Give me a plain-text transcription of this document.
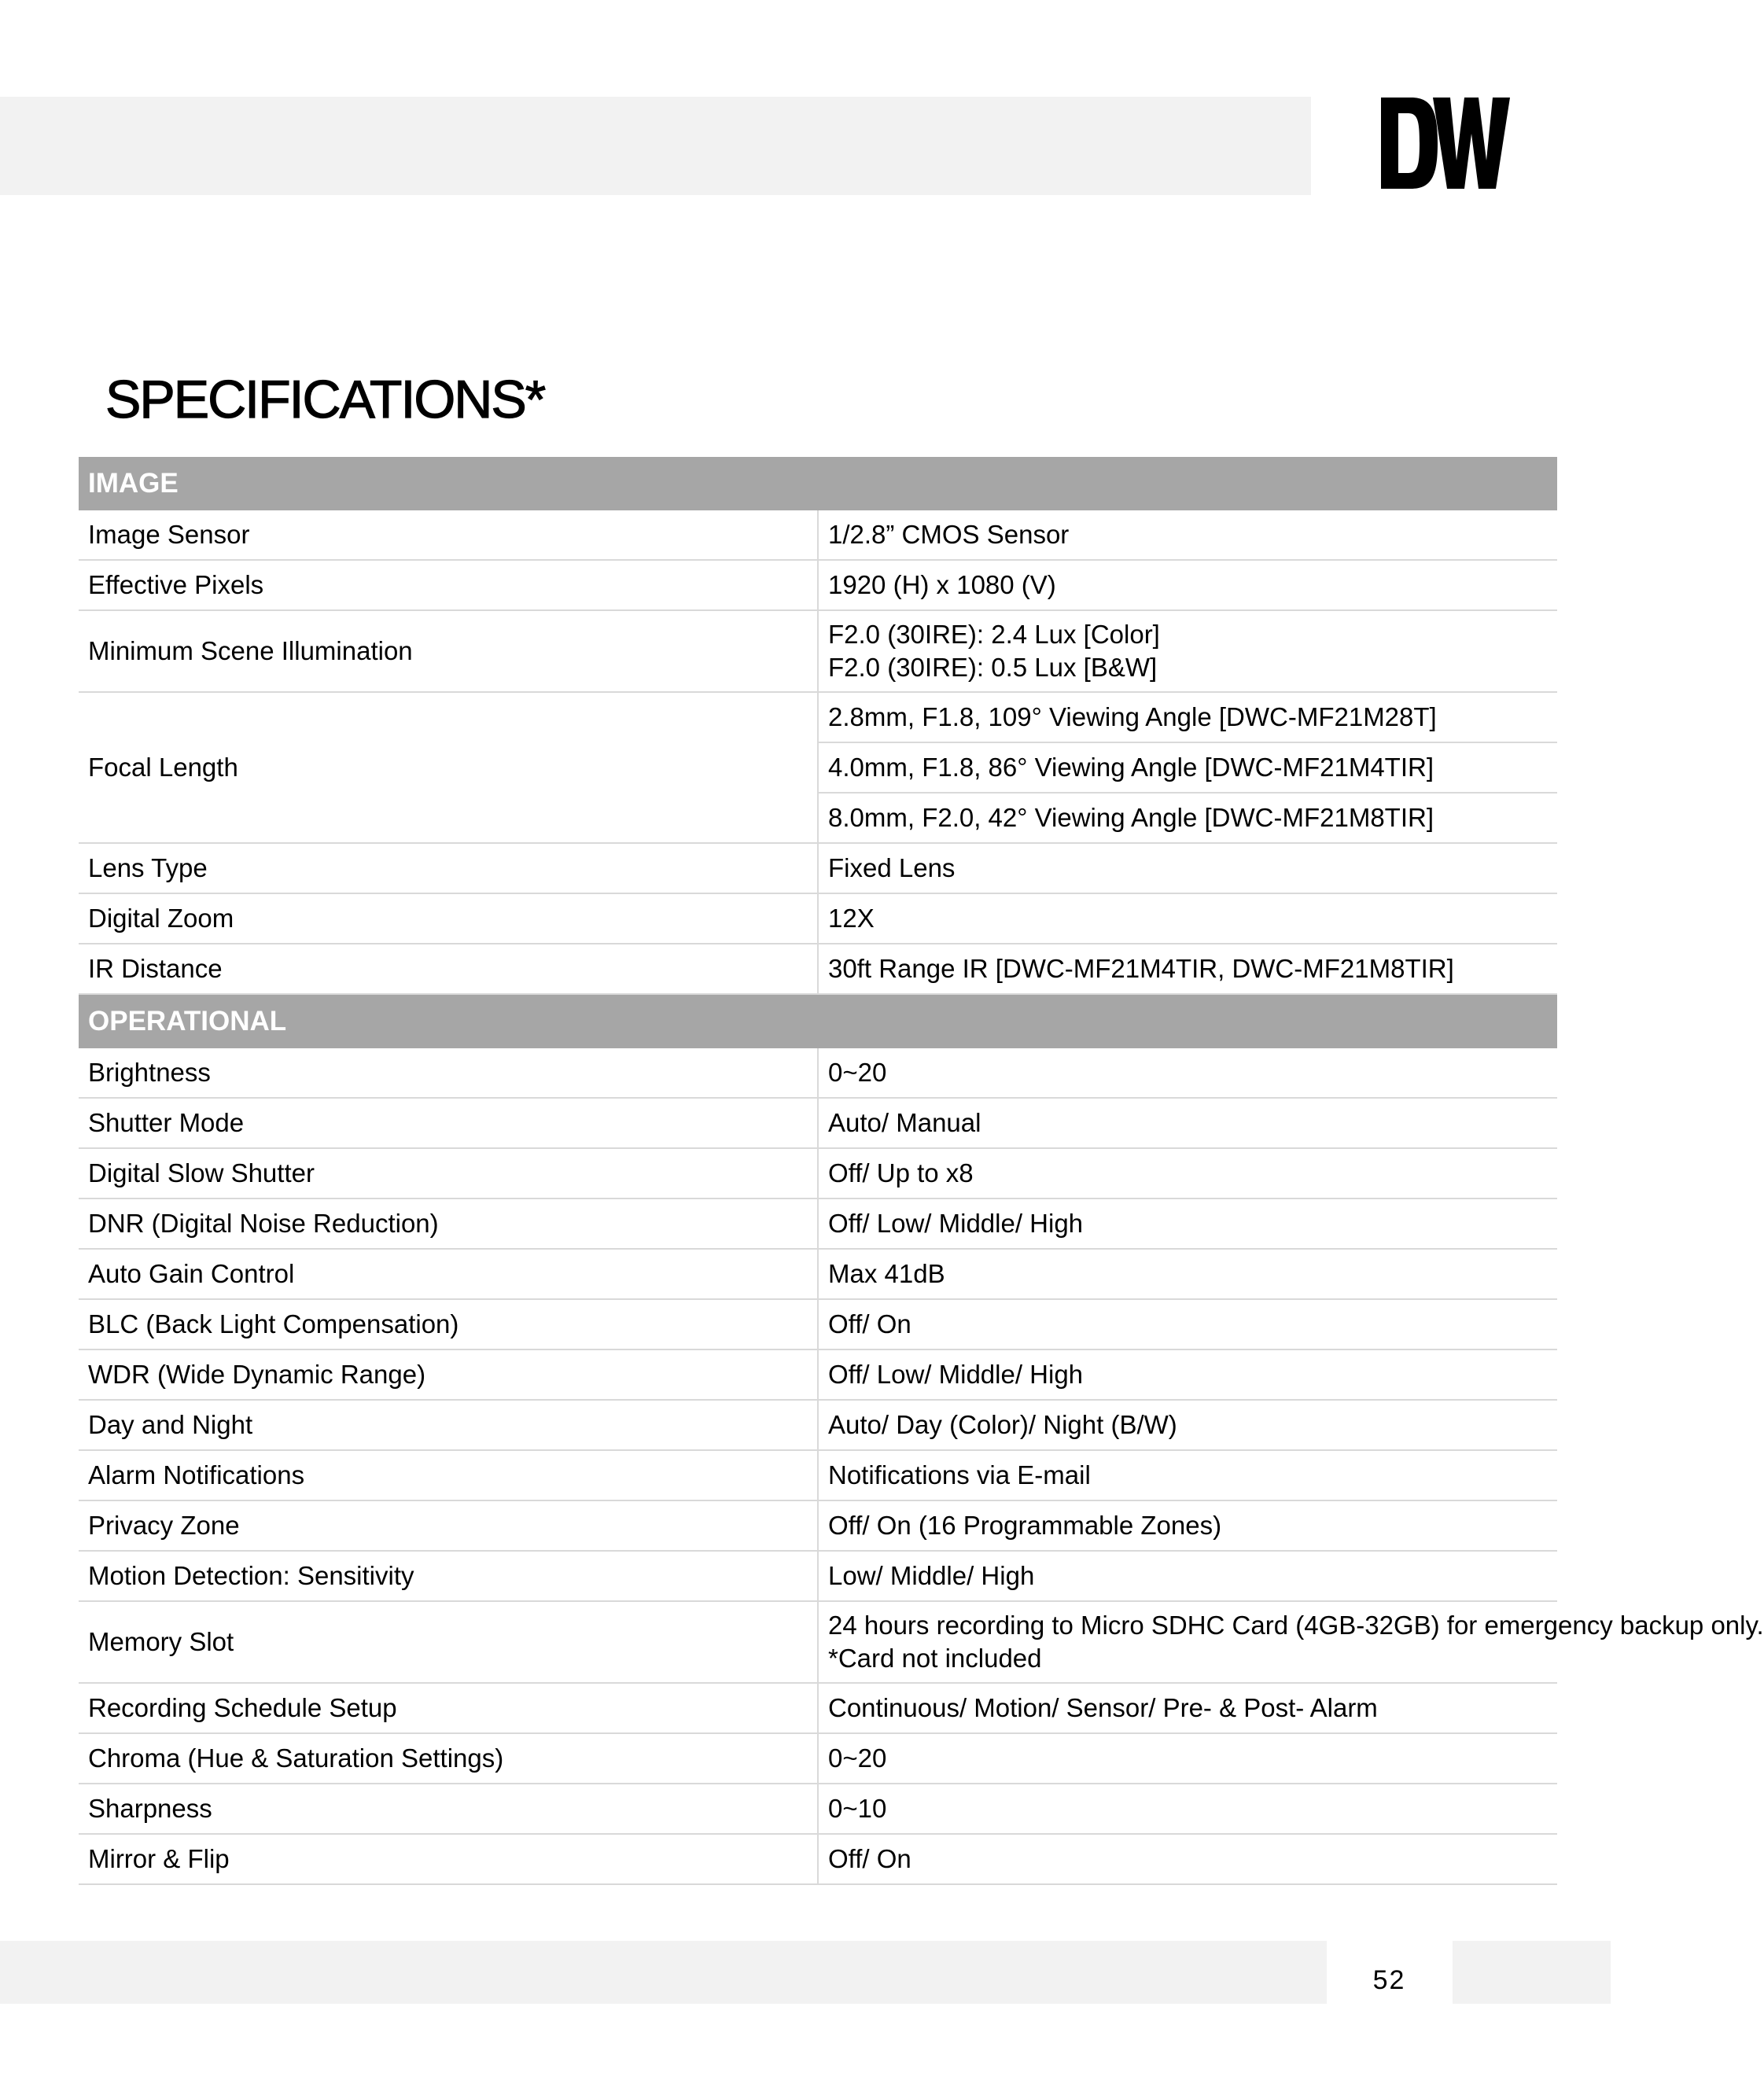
SPECIFICATIONS*
IMAGE	
Image Sensor	1/2.8” CMOS Sensor
Effective Pixels	1920 (H) x 1080 (V)
Minimum Scene Illumination	F2.0 (30IRE): 2.4 Lux [Color]
F2.0 (30IRE): 0.5 Lux [B&W]

Focal Length	2.8mm, F1.8, 109° Viewing Angle [DWC-MF21M28T]
	4.0mm, F1.8, 86° Viewing Angle [DWC-MF21M4TIR]
	8.0mm, F2.0, 42° Viewing Angle [DWC-MF21M8TIR]
Lens Type	Fixed Lens
Digital Zoom	12X
IR Distance	30ft Range IR [DWC-MF21M4TIR, DWC-MF21M8TIR]
OPERATIONAL	
Brightness	0~20
Shutter Mode	Auto/ Manual
Digital Slow Shutter	Off/ Up to x8
DNR (Digital Noise Reduction)	Off/ Low/ Middle/ High
Auto Gain Control	Max 41dB
BLC (Back Light Compensation)	Off/ On
WDR (Wide Dynamic Range)	Off/ Low/ Middle/ High
Day and Night	Auto/ Day (Color)/ Night (B/W)
Alarm Notifications	Notifications via E-mail
Privacy Zone	Off/ On (16 Programmable Zones)
Motion Detection: Sensitivity	Low/ Middle/ High
Memory Slot	24 hours recording to Micro SDHC Card (4GB-32GB) for emergency backup only.
*Card not included

Recording Schedule Setup	Continuous/ Motion/ Sensor/ Pre- & Post- Alarm
Chroma (Hue & Saturation Settings)	0~20
Sharpness	0~10
Mirror & Flip	Off/ On
52
